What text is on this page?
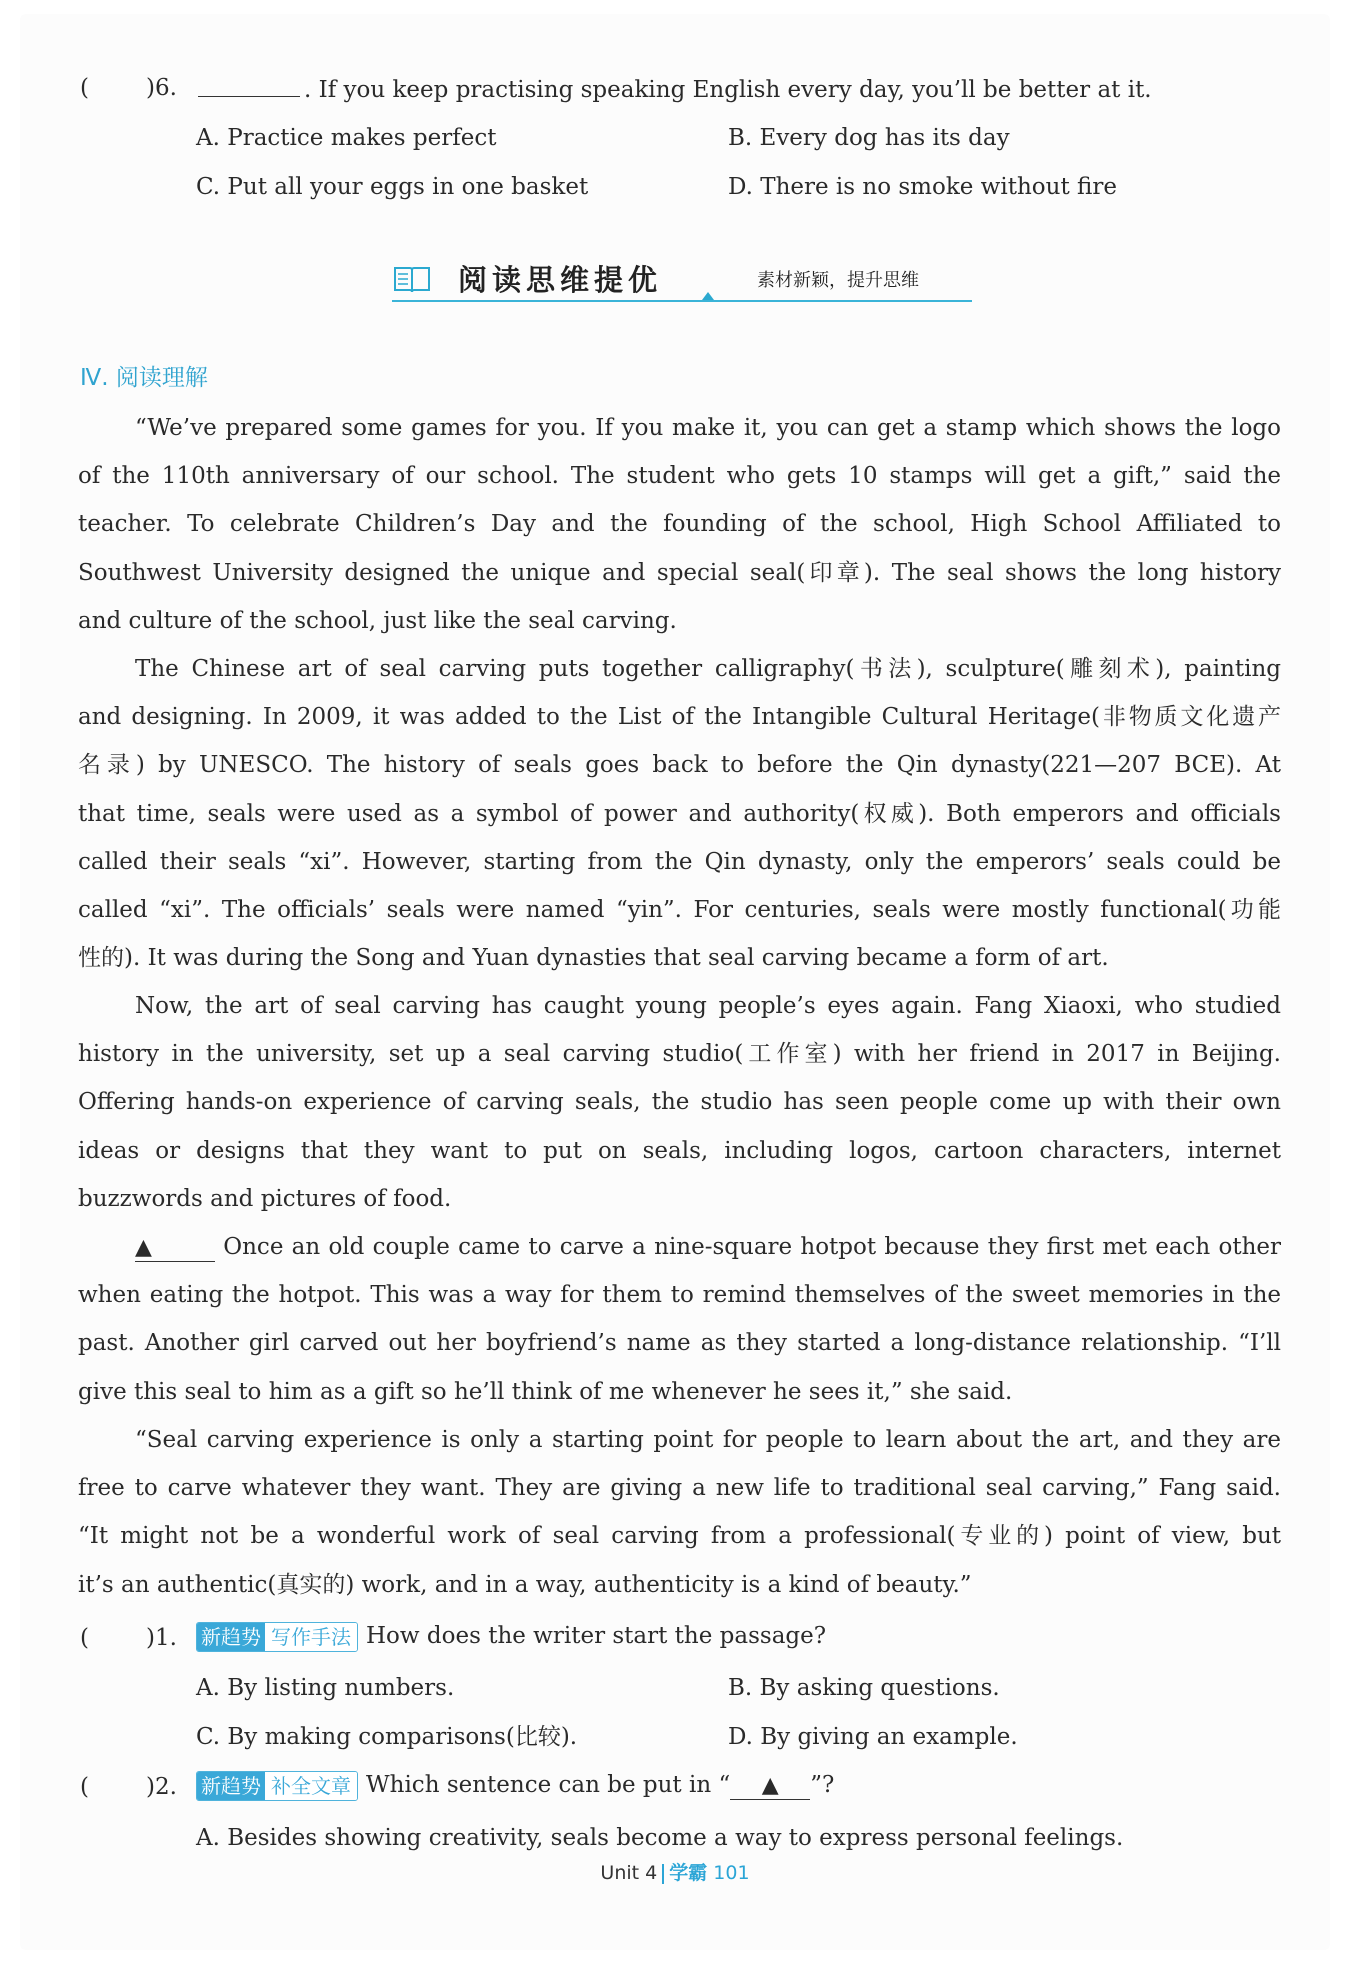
( )6.	. If you keep practising speaking English every day, you’ll be better at it.
A. Practice makes perfect	B. Every dog has its day
C. Put all your eggs in one basket	D. There is no smoke without fire
阅读思维提优	素材新颖，提升思维
Ⅳ. 阅读理解
“We’ve prepared some games for you. If you make it, you can get a stamp which shows the logo
of the 110th anniversary of our school. The student who gets 10 stamps will get a gift,” said the
teacher. To celebrate Children’s Day and the founding of the school, High School Affiliated to
Southwest University designed the unique and special seal(印章). The seal shows the long history
and culture of the school, just like the seal carving.
The Chinese art of seal carving puts together calligraphy(书法), sculpture(雕刻术), painting
and designing. In 2009, it was added to the List of the Intangible Cultural Heritage(非物质文化遗产
名录) by UNESCO. The history of seals goes back to before the Qin dynasty(221—207 BCE). At
that time, seals were used as a symbol of power and authority(权威). Both emperors and officials
called their seals “xi”. However, starting from the Qin dynasty, only the emperors’ seals could be
called “xi”. The officials’ seals were named “yin”. For centuries, seals were mostly functional(功能
性的). It was during the Song and Yuan dynasties that seal carving became a form of art.
Now, the art of seal carving has caught young people’s eyes again. Fang Xiaoxi, who studied
history in the university, set up a seal carving studio(工作室) with her friend in 2017 in Beijing.
Offering hands-on experience of carving seals, the studio has seen people come up with their own
ideas or designs that they want to put on seals, including logos, cartoon characters, internet
buzzwords and pictures of food.
▲	Once an old couple came to carve a nine-square hotpot because they first met each other
when eating the hotpot. This was a way for them to remind themselves of the sweet memories in the
past. Another girl carved out her boyfriend’s name as they started a long-distance relationship. “I’ll
give this seal to him as a gift so he’ll think of me whenever he sees it,” she said.
“Seal carving experience is only a starting point for people to learn about the art, and they are
free to carve whatever they want. They are giving a new life to traditional seal carving,” Fang said.
“It might not be a wonderful work of seal carving from a professional(专业的) point of view, but
it’s an authentic(真实的) work, and in a way, authenticity is a kind of beauty.”
( )1. 新趋势 写作手法 How does the writer start the passage?
A. By listing numbers.	B. By asking questions.
C. By making comparisons(比较).	D. By giving an example.
( )2. 新趋势 补全文章 Which sentence can be put in “ ▲ ”?
A. Besides showing creativity, seals become a way to express personal feelings.
Unit 4 学霸 101
